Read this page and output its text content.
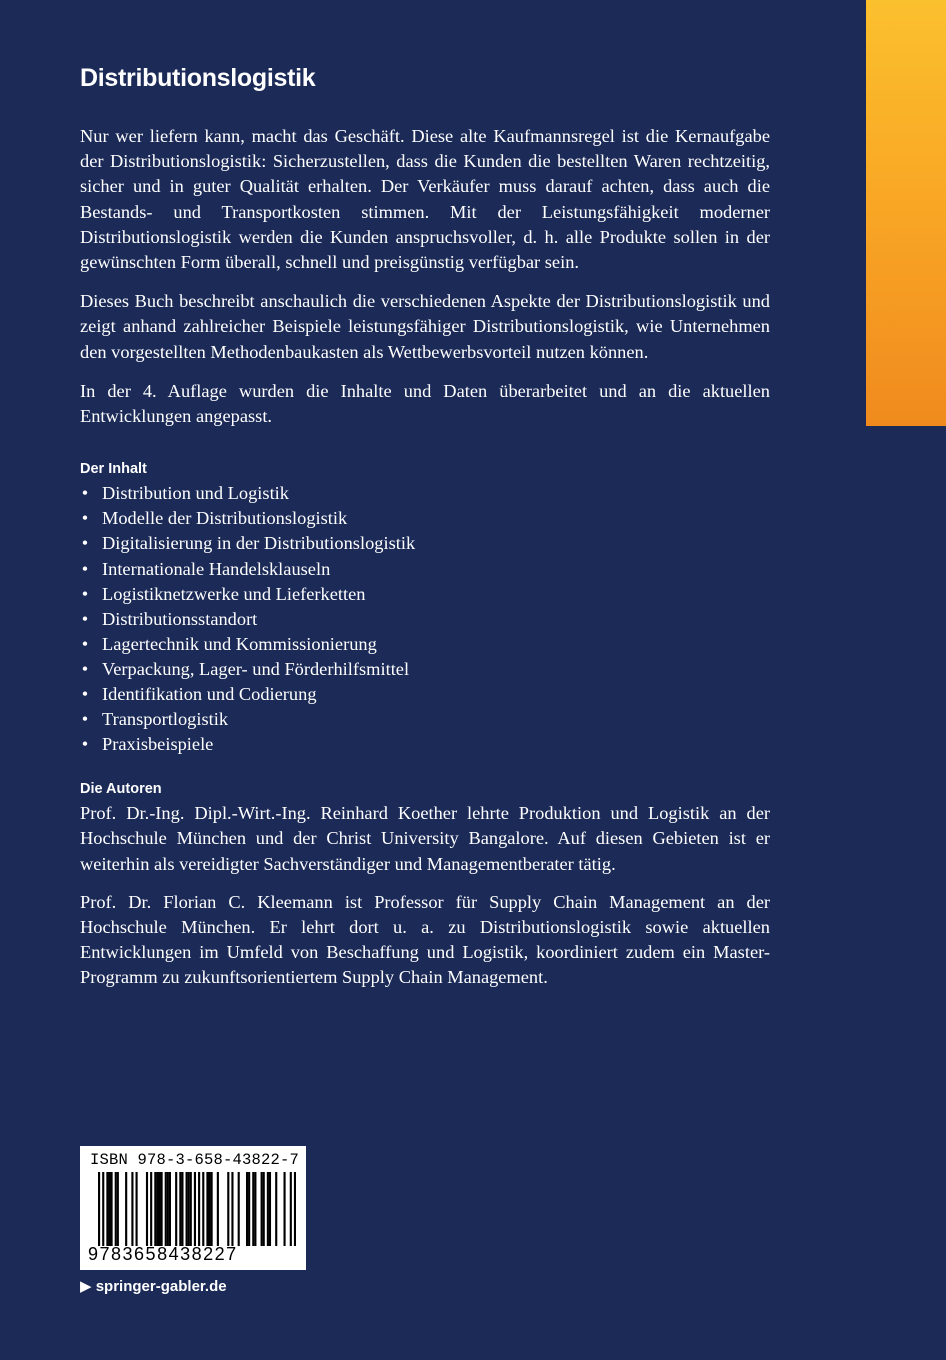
Distributionslogistik

Nur wer liefern kann, macht das Geschäft. Diese alte Kaufmannsregel ist die Kernaufgabe der Distributionslogistik: Sicherzustellen, dass die Kunden die bestellten Waren rechtzeitig, sicher und in guter Qualität erhalten. Der Verkäufer muss darauf achten, dass auch die Bestands- und Transportkosten stimmen. Mit der Leistungsfähigkeit moderner Distributionslogistik werden die Kunden anspruchsvoller, d. h. alle Produkte sollen in der gewünschten Form überall, schnell und preisgünstig verfügbar sein.

Dieses Buch beschreibt anschaulich die verschiedenen Aspekte der Distributionslogistik und zeigt anhand zahlreicher Beispiele leistungsfähiger Distributionslogistik, wie Unternehmen den vorgestellten Methodenbaukasten als Wettbewerbsvorteil nutzen können.

In der 4. Auflage wurden die Inhalte und Daten überarbeitet und an die aktuellen Entwicklungen angepasst.

Der Inhalt
• Distribution und Logistik
• Modelle der Distributionslogistik
• Digitalisierung in der Distributionslogistik
• Internationale Handelsklauseln
• Logistiknetzwerke und Lieferketten
• Distributionsstandort
• Lagertechnik und Kommissionierung
• Verpackung, Lager- und Förderhilfsmittel
• Identifikation und Codierung
• Transportlogistik
• Praxisbeispiele
Die Autoren

Prof. Dr.-Ing. Dipl.-Wirt.-Ing. Reinhard Koether lehrte Produktion und Logistik an der Hochschule München und der Christ University Bangalore. Auf diesen Gebieten ist er weiterhin als vereidigter Sachverständiger und Managementberater tätig.

Prof. Dr. Florian C. Kleemann ist Professor für Supply Chain Management an der Hochschule München. Er lehrt dort u. a. zu Distributionslogistik sowie aktuellen Entwicklungen im Umfeld von Beschaffung und Logistik, koordiniert zudem ein Master-Programm zu zukunftsorientiertem Supply Chain Management.

ISBN 978-3-658-43822-7
9783658438227
▶ springer-gabler.de
